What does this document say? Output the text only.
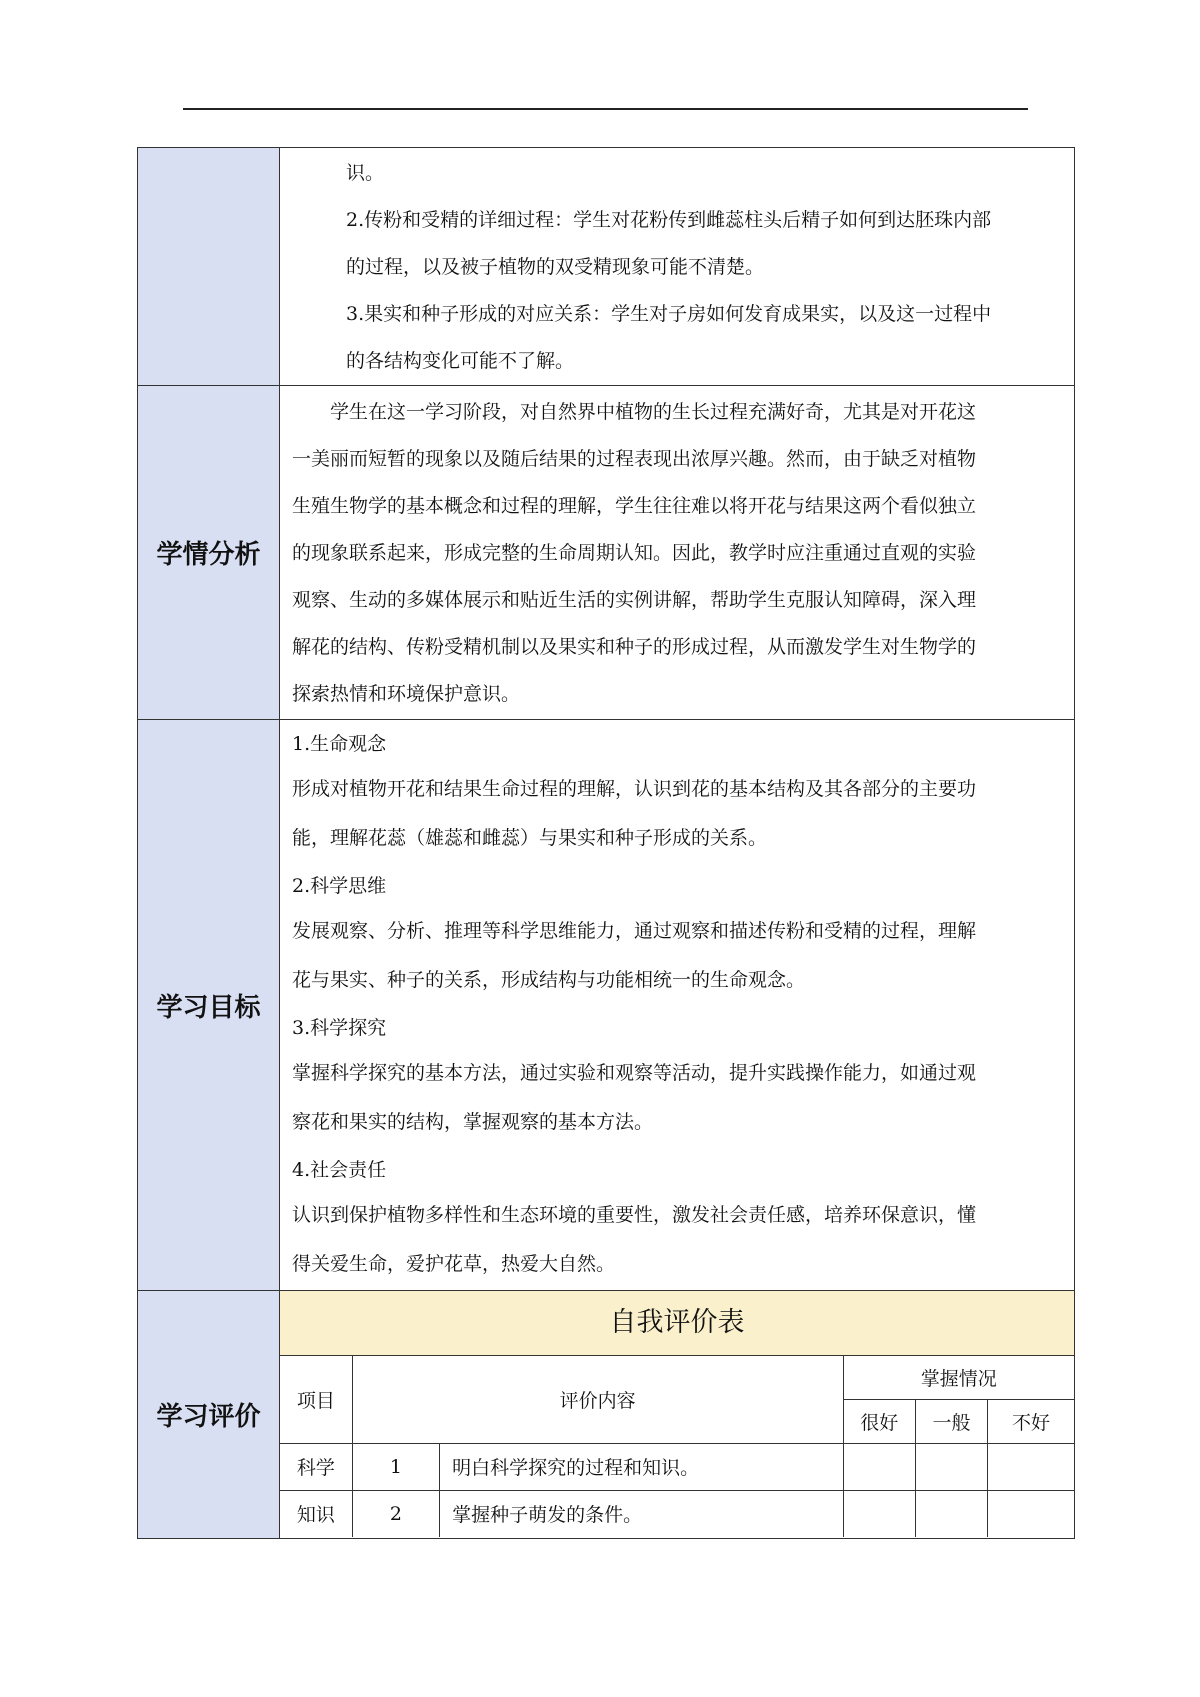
识。

2.传粉和受精的详细过程：学生对花粉传到雌蕊柱头后精子如何到达胚珠内部

的过程，以及被子植物的双受精现象可能不清楚。

3.果实和种子形成的对应关系：学生对子房如何发育成果实，以及这一过程中

的各结构变化可能不了解。

学情分析	

学生在这一学习阶段，对自然界中植物的生长过程充满好奇，尤其是对开花这

一美丽而短暂的现象以及随后结果的过程表现出浓厚兴趣。然而，由于缺乏对植物

生殖生物学的基本概念和过程的理解，学生往往难以将开花与结果这两个看似独立

的现象联系起来，形成完整的生命周期认知。因此，教学时应注重通过直观的实验

观察、生动的多媒体展示和贴近生活的实例讲解，帮助学生克服认知障碍，深入理

解花的结构、传粉受精机制以及果实和种子的形成过程，从而激发学生对生物学的

探索热情和环境保护意识。

学习目标	

1.生命观念

形成对植物开花和结果生命过程的理解，认识到花的基本结构及其各部分的主要功

能，理解花蕊（雄蕊和雌蕊）与果实和种子形成的关系。

2.科学思维

发展观察、分析、推理等科学思维能力，通过观察和描述传粉和受精的过程，理解

花与果实、种子的关系，形成结构与功能相统一的生命观念。

3.科学探究

掌握科学探究的基本方法，通过实验和观察等活动，提升实践操作能力，如通过观

察花和果实的结构，掌握观察的基本方法。

4.社会责任

认识到保护植物多样性和生态环境的重要性，激发社会责任感，培养环保意识，懂

得关爱生命，爱护花草，热爱大自然。

学习评价	
自我评价表
项目	评价内容	掌握情况
很好	一般	不好
科学	1	明白科学探究的过程和知识。			
知识	2	掌握种子萌发的条件。			
